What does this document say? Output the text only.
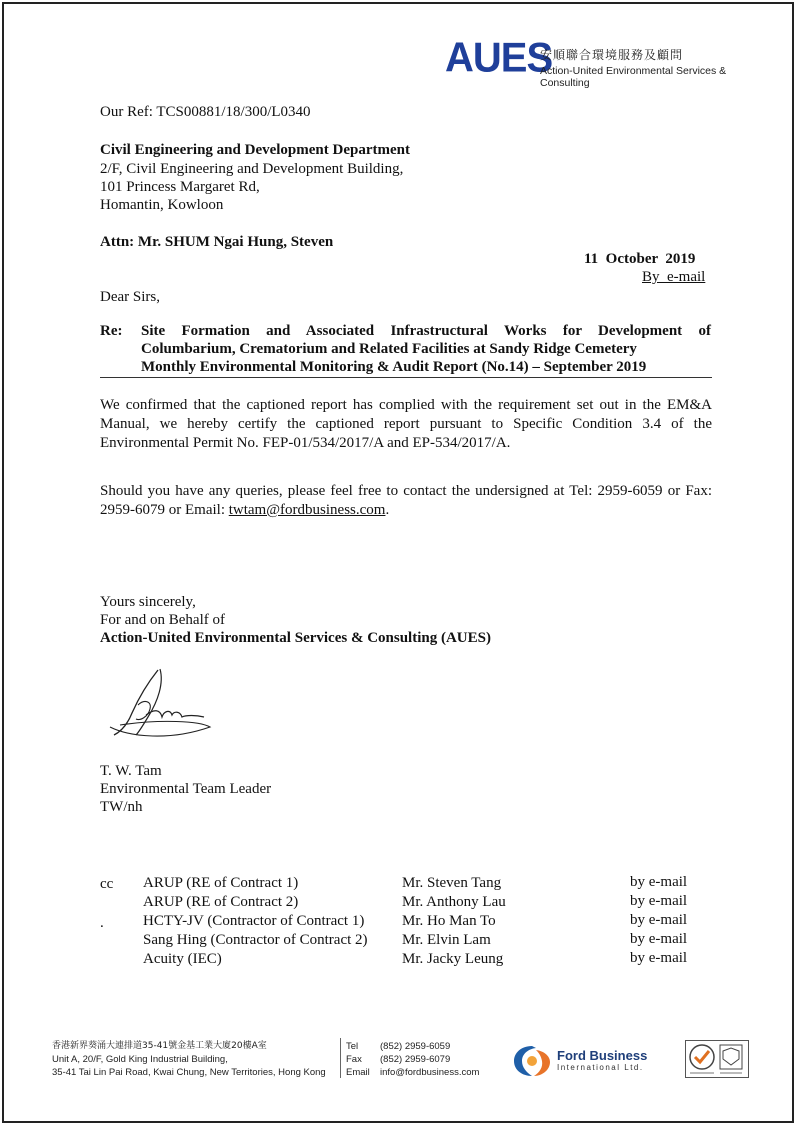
AUES
安順聯合環境服務及顧問
Action-United Environmental Services & Consulting
Our Ref: TCS00881/18/300/L0340
Civil Engineering and Development Department
2/F, Civil Engineering and Development Building,
101 Princess Margaret Rd,
Homantin, Kowloon
Attn: Mr. SHUM Ngai Hung, Steven
11  October  2019
By  e-mail
Dear Sirs,
Re: Site Formation and Associated Infrastructural Works for Development of
Columbarium, Crematorium and Related Facilities at Sandy Ridge Cemetery
Monthly Environmental Monitoring & Audit Report (No.14) – September 2019
We confirmed that the captioned report has complied with the requirement set out in the EM&A Manual, we hereby certify the captioned report pursuant to Specific Condition 3.4 of the Environmental Permit No. FEP-01/534/2017/A and EP-534/2017/A.
Should you have any queries, please feel free to contact the undersigned at Tel: 2959-6059 or Fax: 2959-6079 or Email: twtam@fordbusiness.com.
Yours sincerely,
For and on Behalf of
Action-United Environmental Services & Consulting (AUES)
T. W. Tam
Environmental Team Leader
TW/nh
cc
.
ARUP (RE of Contract 1)
ARUP (RE of Contract 2)
HCTY-JV (Contractor of Contract 1)
Sang Hing (Contractor of Contract 2)
Acuity (IEC)
Mr. Steven Tang
Mr. Anthony Lau
Mr. Ho Man To
Mr. Elvin Lam
Mr. Jacky Leung
by e-mail
by e-mail
by e-mail
by e-mail
by e-mail
香港新界葵涌大連排道35-41號金基工業大廈20樓A室
Unit A, 20/F, Gold King Industrial Building,
35-41 Tai Lin Pai Road, Kwai Chung, New Territories, Hong Kong
Tel
Fax
Email
(852) 2959-6059
(852) 2959-6079
info@fordbusiness.com
Ford Business
International Ltd.
